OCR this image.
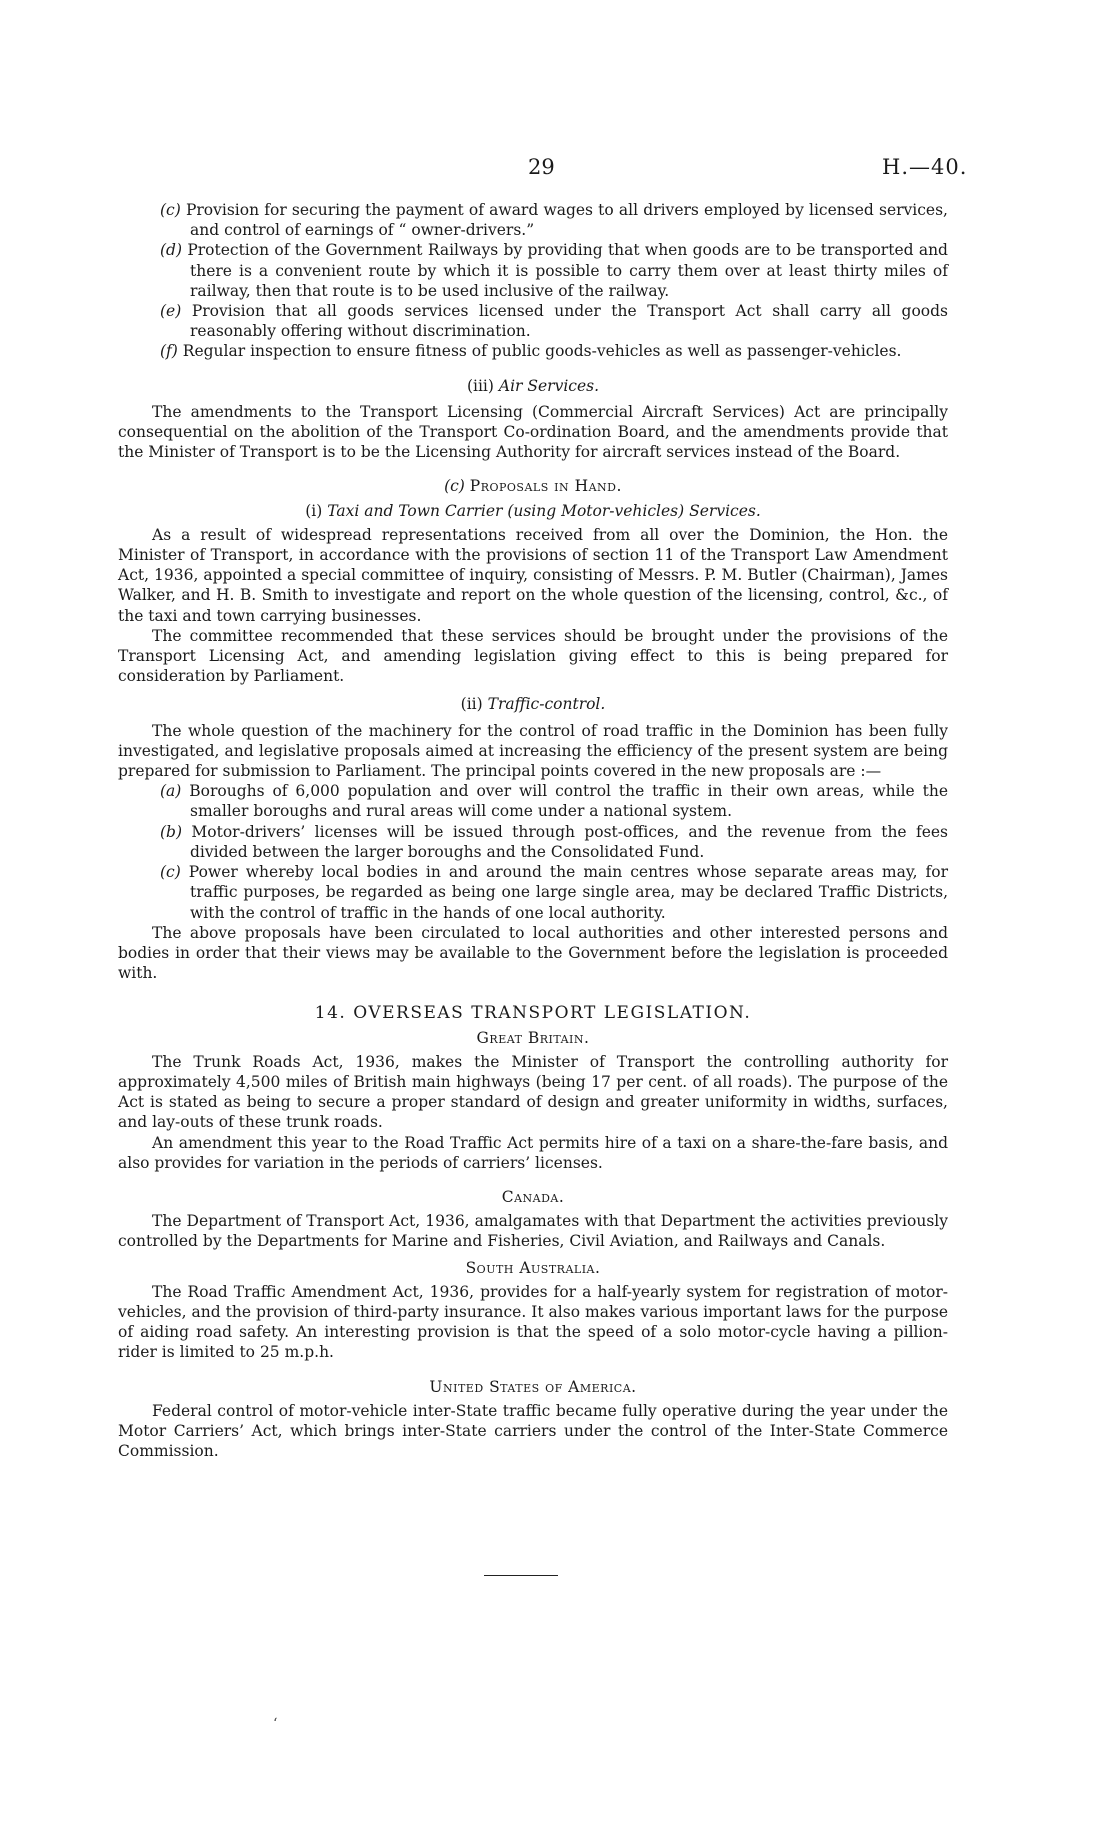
29	H.—40.
(c) Provision for securing the payment of award wages to all drivers employed by licensed services, and control of earnings of “ owner-drivers.”
(d) Protection of the Government Railways by providing that when goods are to be transported and there is a convenient route by which it is possible to carry them over at least thirty miles of railway, then that route is to be used inclusive of the railway.
(e) Provision that all goods services licensed under the Transport Act shall carry all goods reasonably offering without discrimination.
(f) Regular inspection to ensure fitness of public goods-vehicles as well as passenger-vehicles.

(iii) Air Services.

The amendments to the Transport Licensing (Commercial Aircraft Services) Act are principally consequential on the abolition of the Transport Co-ordination Board, and the amendments provide that the Minister of Transport is to be the Licensing Authority for aircraft services instead of the Board.

(c) Proposals in Hand.

(i) Taxi and Town Carrier (using Motor-vehicles) Services.

As a result of widespread representations received from all over the Dominion, the Hon. the Minister of Transport, in accordance with the provisions of section 11 of the Transport Law Amendment Act, 1936, appointed a special committee of inquiry, consisting of Messrs. P. M. Butler (Chairman), James Walker, and H. B. Smith to investigate and report on the whole question of the licensing, control, &c., of the taxi and town carrying businesses.

The committee recommended that these services should be brought under the provisions of the Transport Licensing Act, and amending legislation giving effect to this is being prepared for consideration by Parliament.

(ii) Traffic-control.

The whole question of the machinery for the control of road traffic in the Dominion has been fully investigated, and legislative proposals aimed at increasing the efficiency of the present system are being prepared for submission to Parliament. The principal points covered in the new proposals are :—

(a) Boroughs of 6,000 population and over will control the traffic in their own areas, while the smaller boroughs and rural areas will come under a national system.
(b) Motor-drivers’ licenses will be issued through post-offices, and the revenue from the fees divided between the larger boroughs and the Consolidated Fund.
(c) Power whereby local bodies in and around the main centres whose separate areas may, for traffic purposes, be regarded as being one large single area, may be declared Traffic Districts, with the control of traffic in the hands of one local authority.

The above proposals have been circulated to local authorities and other interested persons and bodies in order that their views may be available to the Government before the legislation is proceeded with.

14. OVERSEAS TRANSPORT LEGISLATION.

Great Britain.

The Trunk Roads Act, 1936, makes the Minister of Transport the controlling authority for approximately 4,500 miles of British main highways (being 17 per cent. of all roads). The purpose of the Act is stated as being to secure a proper standard of design and greater uniformity in widths, surfaces, and lay-outs of these trunk roads.

An amendment this year to the Road Traffic Act permits hire of a taxi on a share-the-fare basis, and also provides for variation in the periods of carriers’ licenses.

Canada.

The Department of Transport Act, 1936, amalgamates with that Department the activities previously controlled by the Departments for Marine and Fisheries, Civil Aviation, and Railways and Canals.

South Australia.

The Road Traffic Amendment Act, 1936, provides for a half-yearly system for registration of motor-vehicles, and the provision of third-party insurance. It also makes various important laws for the purpose of aiding road safety. An interesting provision is that the speed of a solo motor-cycle having a pillion-rider is limited to 25 m.p.h.

United States of America.

Federal control of motor-vehicle inter-State traffic became fully operative during the year under the Motor Carriers’ Act, which brings inter-State carriers under the control of the Inter-State Commerce Commission.

ʻ
